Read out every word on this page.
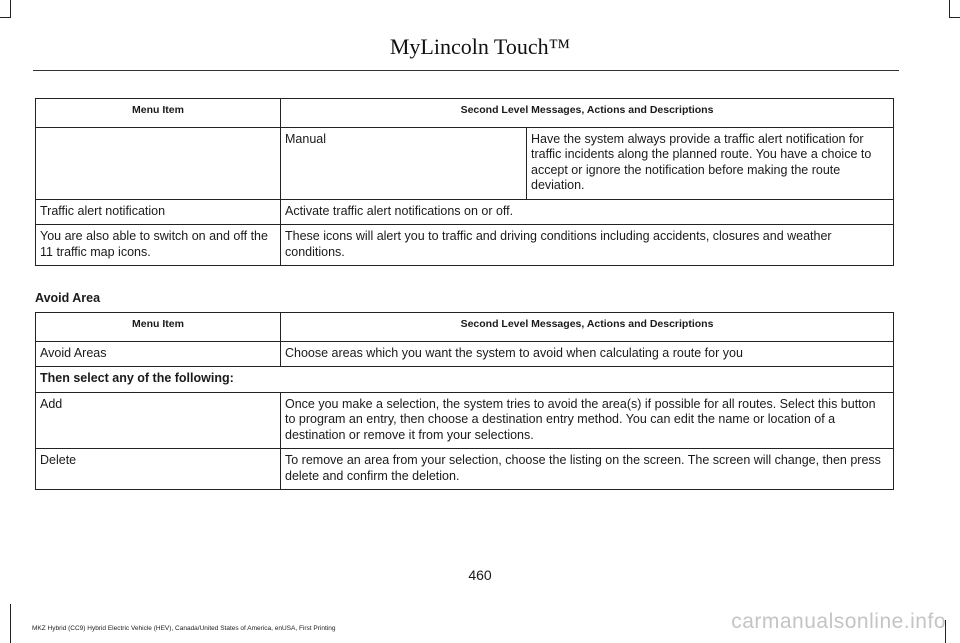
MyLincoln Touch™
Menu Item	Second Level Messages, Actions and Descriptions	
	Manual	Have the system always provide a traffic alert notification for traffic incidents along the planned route. You have a choice to accept or ignore the notification before making the route deviation.
Traffic alert notification	Activate traffic alert notifications on or off.	
You are also able to switch on and off the 11 traffic map icons.	These icons will alert you to traffic and driving conditions including accidents, closures and weather conditions.	
Avoid Area
Menu Item	Second Level Messages, Actions and Descriptions
Avoid Areas	Choose areas which you want the system to avoid when calculating a route for you
Then select any of the following:	
Add	Once you make a selection, the system tries to avoid the area(s) if possible for all routes. Select this button to program an entry, then choose a destination entry method. You can edit the name or location of a destination or remove it from your selections.
Delete	To remove an area from your selection, choose the listing on the screen. The screen will change, then press delete and confirm the deletion.
460
MKZ Hybrid (CC9) Hybrid Electric Vehicle (HEV), Canada/United States of America, enUSA, First Printing	carmanualsonline.info
